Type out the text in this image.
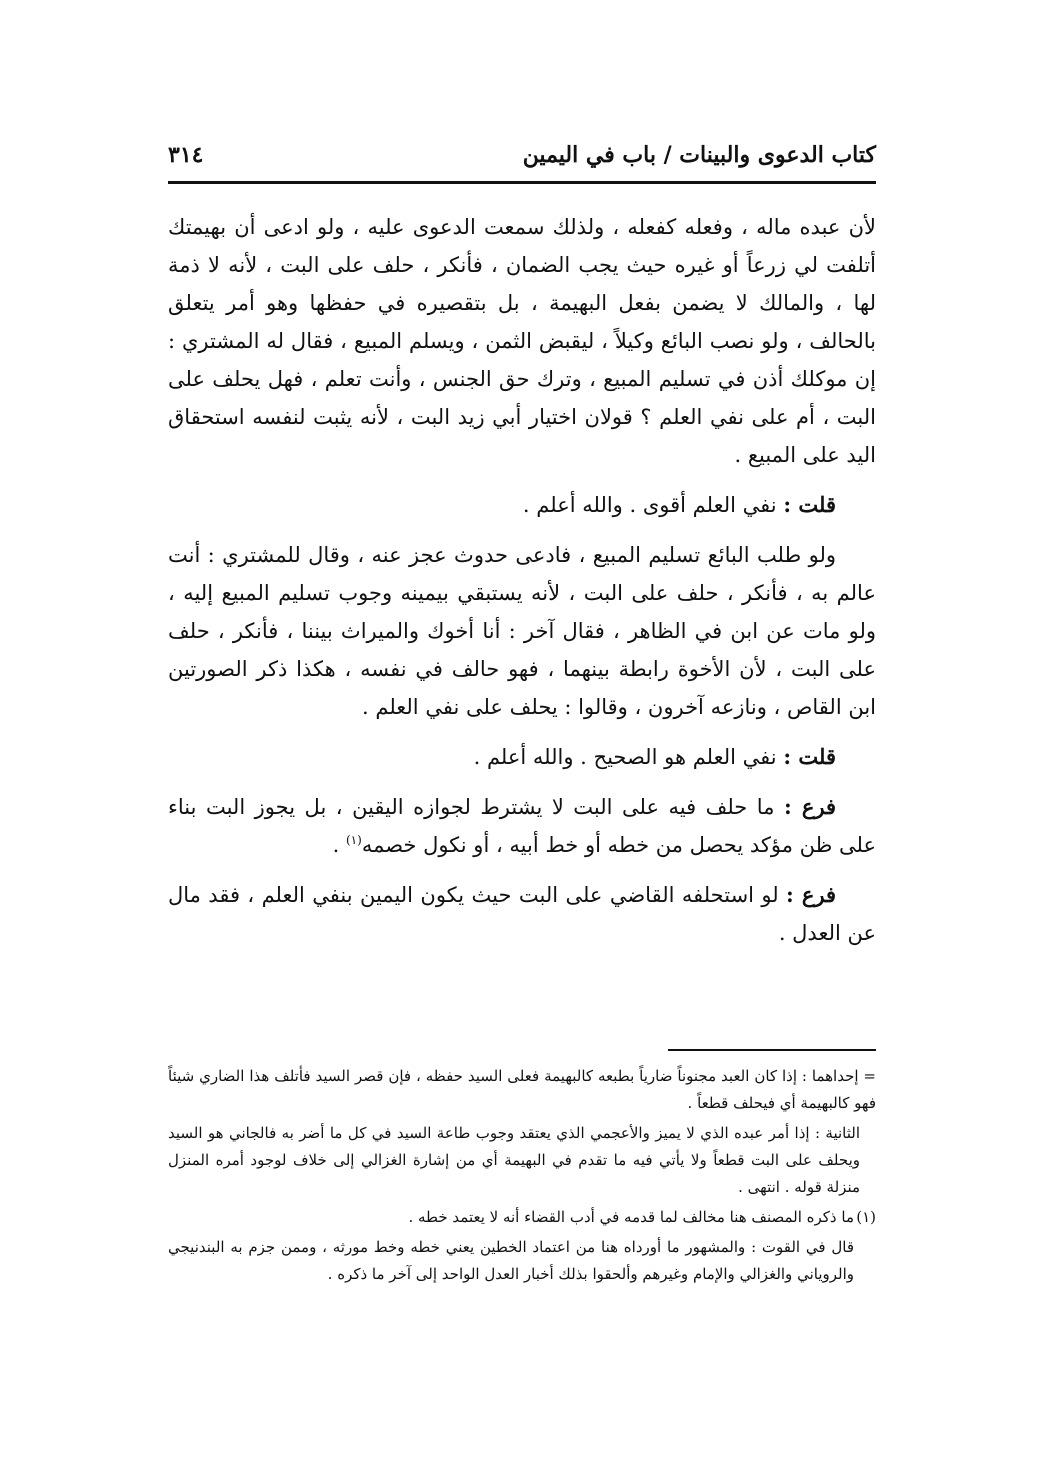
كتاب الدعوى والبينات / باب في اليمين
٣١٤

لأن عبده ماله ، وفعله كفعله ، ولذلك سمعت الدعوى عليه ، ولو ادعى أن بهيمتك أتلفت لي زرعاً أو غيره حيث يجب الضمان ، فأنكر ، حلف على البت ، لأنه لا ذمة لها ، والمالك لا يضمن بفعل البهيمة ، بل بتقصيره في حفظها وهو أمر يتعلق بالحالف ، ولو نصب البائع وكيلاً ، ليقبض الثمن ، ويسلم المبيع ، فقال له المشتري : إن موكلك أذن في تسليم المبيع ، وترك حق الجنس ، وأنت تعلم ، فهل يحلف على البت ، أم على نفي العلم ؟ قولان اختيار أبي زيد البت ، لأنه يثبت لنفسه استحقاق اليد على المبيع .

قلت : نفي العلم أقوى . والله أعلم .

ولو طلب البائع تسليم المبيع ، فادعى حدوث عجز عنه ، وقال للمشتري : أنت عالم به ، فأنكر ، حلف على البت ، لأنه يستبقي بيمينه وجوب تسليم المبيع إليه ، ولو مات عن ابن في الظاهر ، فقال آخر : أنا أخوك والميراث بيننا ، فأنكر ، حلف على البت ، لأن الأخوة رابطة بينهما ، فهو حالف في نفسه ، هكذا ذكر الصورتين ابن القاص ، ونازعه آخرون ، وقالوا : يحلف على نفي العلم .

قلت : نفي العلم هو الصحيح . والله أعلم .

فرع : ما حلف فيه على البت لا يشترط لجوازه اليقين ، بل يجوز البت بناء على ظن مؤكد يحصل من خطه أو خط أبيه ، أو نكول خصمه$^{(١)}$ .

فرع : لو استحلفه القاضي على البت حيث يكون اليمين بنفي العلم ، فقد مال عن العدل .

= إحداهما : إذا كان العبد مجنوناً ضارياً بطبعه كالبهيمة فعلى السيد حفظه ، فإن قصر السيد فأتلف هذا الضاري شيئاً فهو كالبهيمة أي فيحلف قطعاً .

الثانية : إذا أمر عبده الذي لا يميز والأعجمي الذي يعتقد وجوب طاعة السيد في كل ما أضر به فالجاني هو السيد ويحلف على البت قطعاً ولا يأتي فيه ما تقدم في البهيمة أي من إشارة الغزالي إلى خلاف لوجود أمره المنزل منزلة قوله . انتهى .

(١)ما ذكره المصنف هنا مخالف لما قدمه في أدب القضاء أنه لا يعتمد خطه .

قال في القوت : والمشهور ما أورداه هنا من اعتماد الخطين يعني خطه وخط مورثه ، وممن جزم به البندنيجي والروياني والغزالي والإمام وغيرهم وألحقوا بذلك أخبار العدل الواحد إلى آخر ما ذكره .
